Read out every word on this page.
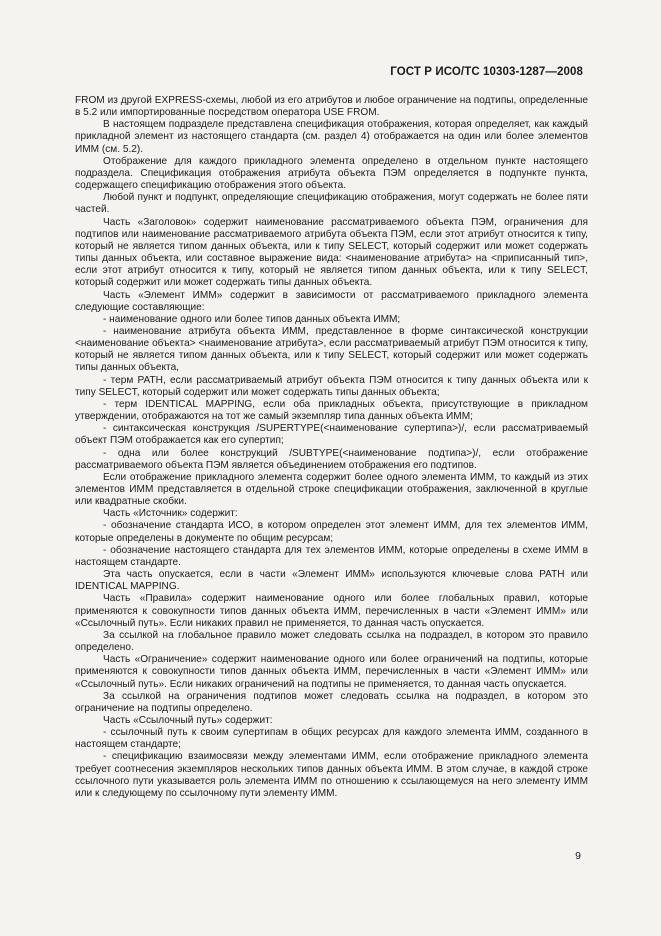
ГОСТ Р ИСО/ТС 10303-1287—2008

FROM из другой EXPRESS-схемы, любой из его атрибутов и любое ограничение на подтипы, определенные в 5.2 или импортированные посредством оператора USE FROM.

В настоящем подразделе представлена спецификация отображения, которая определяет, как каждый прикладной элемент из настоящего стандарта (см. раздел 4) отображается на один или более элементов ИММ (см. 5.2).

Отображение для каждого прикладного элемента определено в отдельном пункте настоящего подраздела. Спецификация отображения атрибута объекта ПЭМ определяется в подпункте пункта, содержащего спецификацию отображения этого объекта.

Любой пункт и подпункт, определяющие спецификацию отображения, могут содержать не более пяти частей.

Часть «Заголовок» содержит наименование рассматриваемого объекта ПЭМ, ограничения для подтипов или наименование рассматриваемого атрибута объекта ПЭМ, если этот атрибут относится к типу, который не является типом данных объекта, или к типу SELECT, который содержит или может содержать типы данных объекта, или составное выражение вида: <наименование атрибута> на <приписанный тип>, если этот атрибут относится к типу, который не является типом данных объекта, или к типу SELECT, который содержит или может содержать типы данных объекта.

Часть «Элемент ИММ» содержит в зависимости от рассматриваемого прикладного элемента следующие составляющие:

- наименование одного или более типов данных объекта ИММ;

- наименование атрибута объекта ИММ, представленное в форме синтаксической конструкции <наименование объекта> <наименование атрибута>, если рассматриваемый атрибут ПЭМ относится к типу, который не является типом данных объекта, или к типу SELECT, который содержит или может содержать типы данных объекта,

- терм PATH, если рассматриваемый атрибут объекта ПЭМ относится к типу данных объекта или к типу SELECT, который содержит или может содержать типы данных объекта;

- терм IDENTICAL MAPPING, если оба прикладных объекта, присутствующие в прикладном утверждении, отображаются на тот же самый экземпляр типа данных объекта ИММ;

- синтаксическая конструкция /SUPERTYPE(<наименование супертипа>)/, если рассматриваемый объект ПЭМ отображается как его супертип;

- одна или более конструкций /SUBTYPE(<наименование подтипа>)/, если отображение рассматриваемого объекта ПЭМ является объединением отображения его подтипов.

Если отображение прикладного элемента содержит более одного элемента ИММ, то каждый из этих элементов ИММ представляется в отдельной строке спецификации отображения, заключенной в круглые или квадратные скобки.

Часть «Источник» содержит:

- обозначение стандарта ИСО, в котором определен этот элемент ИММ, для тех элементов ИММ, которые определены в документе по общим ресурсам;

- обозначение настоящего стандарта для тех элементов ИММ, которые определены в схеме ИММ в настоящем стандарте.

Эта часть опускается, если в части «Элемент ИММ» используются ключевые слова PATH или IDENTICAL MAPPING.

Часть «Правила» содержит наименование одного или более глобальных правил, которые применяются к совокупности типов данных объекта ИММ, перечисленных в части «Элемент ИММ» или «Ссылочный путь». Если никаких правил не применяется, то данная часть опускается.

За ссылкой на глобальное правило может следовать ссылка на подраздел, в котором это правило определено.

Часть «Ограничение» содержит наименование одного или более ограничений на подтипы, которые применяются к совокупности типов данных объекта ИММ, перечисленных в части «Элемент ИММ» или «Ссылочный путь». Если никаких ограничений на подтипы не применяется, то данная часть опускается.

За ссылкой на ограничения подтипов может следовать ссылка на подраздел, в котором это ограничение на подтипы определено.

Часть «Ссылочный путь» содержит:

- ссылочный путь к своим супертипам в общих ресурсах для каждого элемента ИММ, созданного в настоящем стандарте;

- спецификацию взаимосвязи между элементами ИММ, если отображение прикладного элемента требует соотнесения экземпляров нескольких типов данных объекта ИММ. В этом случае, в каждой строке ссылочного пути указывается роль элемента ИММ по отношению к ссылающемуся на него элементу ИММ или к следующему по ссылочному пути элементу ИММ.

9
